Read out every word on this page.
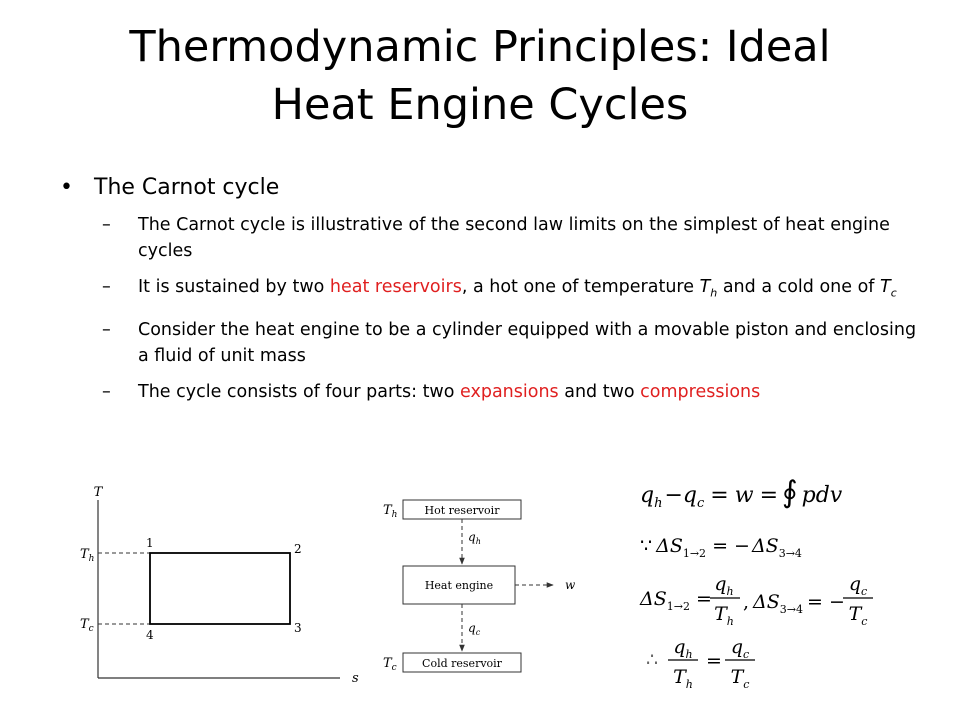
Thermodynamic Principles: Ideal
Heat Engine Cycles
• The Carnot cycle
– The Carnot cycle is illustrative of the second law limits on the simplest of heat engine cycles
– It is sustained by two heat reservoirs, a hot one of temperature $T_h$ and a cold one of $T_c$
– Consider the heat engine to be a cylinder equipped with a movable piston and enclosing a fluid of unit mass
– The cycle consists of four parts: two expansions and two compressions
T
s
$T_h$
$T_c$
1	2
3
4
Hot reservoir
$T_h$
$q_h$
Heat engine	w
$q_c$
Cold reservoir
$T_c$
$q_h-q_c = w$ = ∮ pdv
∵ $\Delta S_{1\to 2}$ = − $\Delta S_{3\to 4}$
$\Delta S_{1\to 2}$ =
$q_h$
$T_h$
, $\Delta S_{3\to 4}$ = −
$q_c$
$T_c$
∴
$q_h$
$T_h$
=
$q_c$
$T_c$
